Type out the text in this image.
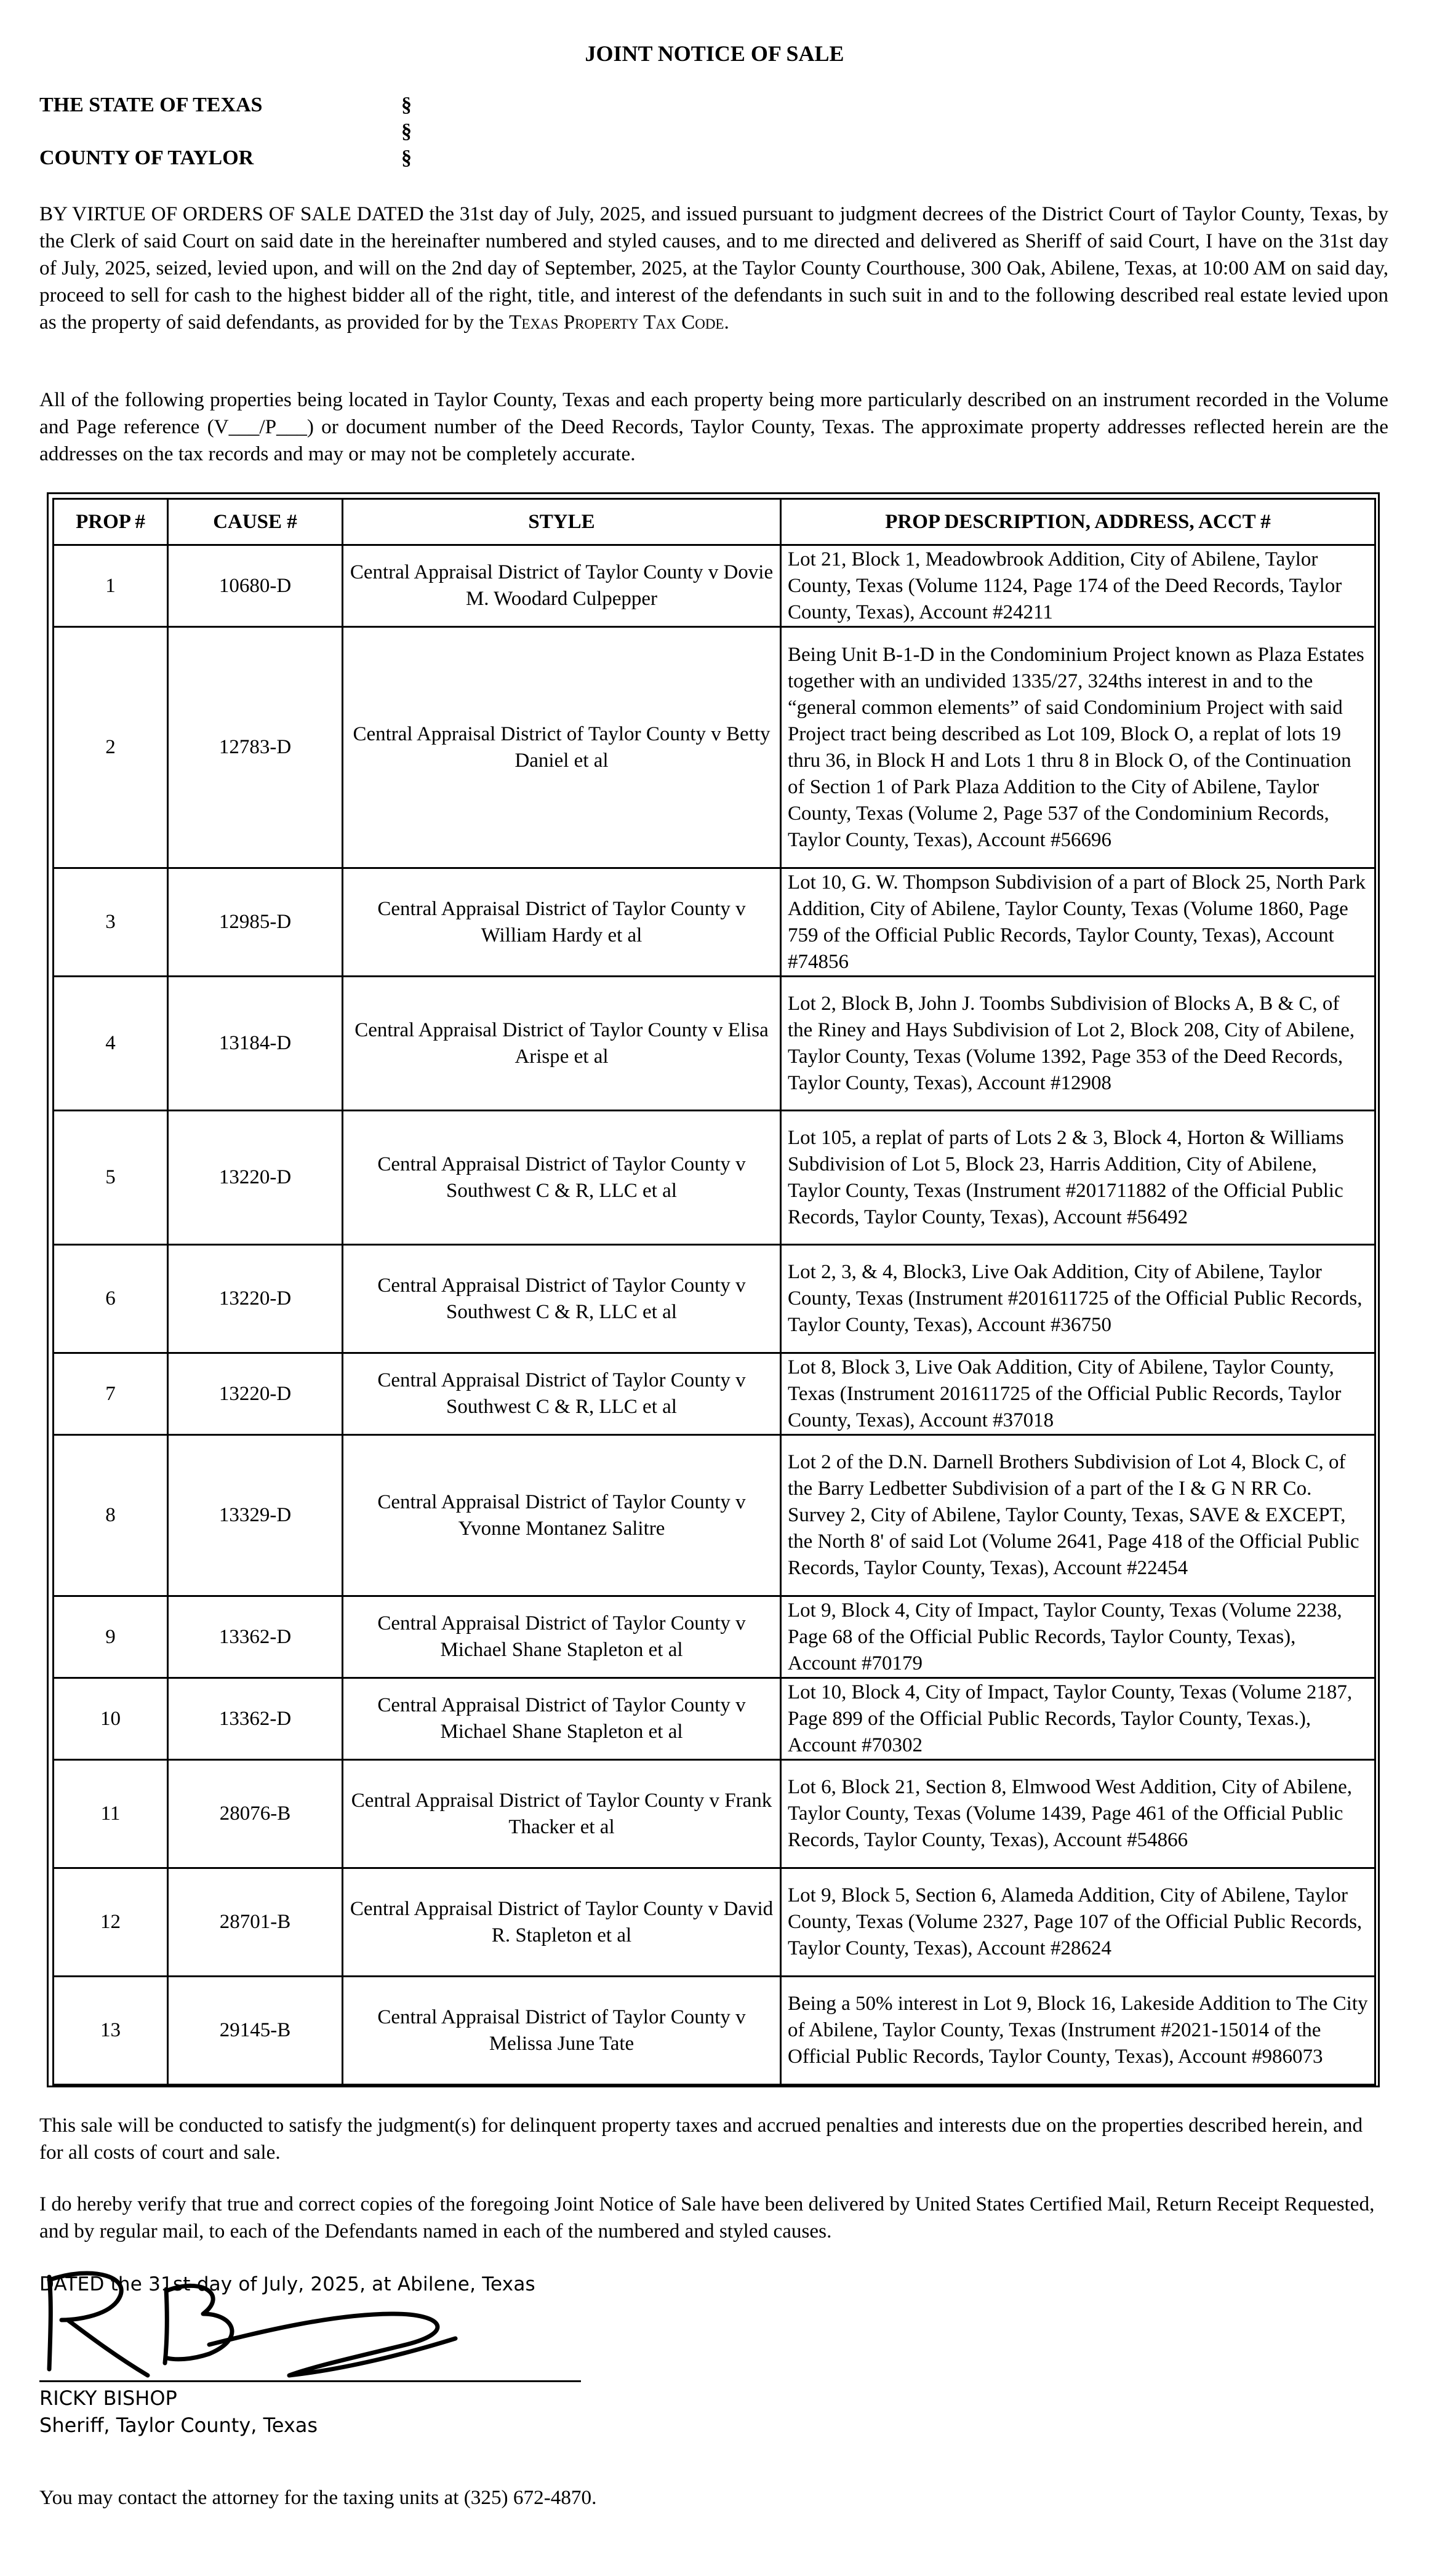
JOINT NOTICE OF SALE
THE STATE OF TEXAS	§
§
COUNTY OF TAYLOR	§
BY VIRTUE OF ORDERS OF SALE DATED the 31st day of July, 2025, and issued pursuant to judgment decrees of the District Court of Taylor County, Texas, by the Clerk of said Court on said date in the hereinafter numbered and styled causes, and to me directed and delivered as Sheriff of said Court, I have on the 31st day of July, 2025, seized, levied upon, and will on the 2nd day of September, 2025, at the Taylor County Courthouse, 300 Oak, Abilene, Texas, at 10:00 AM on said day, proceed to sell for cash to the highest bidder all of the right, title, and interest of the defendants in such suit in and to the following described real estate levied upon as the property of said defendants, as provided for by the Texas Property Tax Code.
All of the following properties being located in Taylor County, Texas and each property being more particularly described on an instrument recorded in the Volume and Page reference (V___/P___) or document number of the Deed Records, Taylor County, Texas. The approximate property addresses reflected herein are the addresses on the tax records and may or may not be completely accurate.
PROP #	CAUSE #	STYLE	PROP DESCRIPTION, ADDRESS, ACCT #
1	10680-D	Central Appraisal District of Taylor County v Dovie M. Woodard Culpepper	Lot 21, Block 1, Meadowbrook Addition, City of Abilene, Taylor County, Texas (Volume 1124, Page 174 of the Deed Records, Taylor County, Texas), Account #24211
2	12783-D	Central Appraisal District of Taylor County v Betty Daniel et al	Being Unit B-1-D in the Condominium Project known as Plaza Estates together with an undivided 1335/27, 324ths interest in and to the “general common elements” of said Condominium Project with said Project tract being described as Lot 109, Block O, a replat of lots 19 thru 36, in Block H and Lots 1 thru 8 in Block O, of the Continuation of Section 1 of Park Plaza Addition to the City of Abilene, Taylor County, Texas (Volume 2, Page 537 of the Condominium Records, Taylor County, Texas), Account #56696
3	12985-D	Central Appraisal District of Taylor County v William Hardy et al	Lot 10, G. W. Thompson Subdivision of a part of Block 25, North Park Addition, City of Abilene, Taylor County, Texas (Volume 1860, Page 759 of the Official Public Records, Taylor County, Texas), Account #74856
4	13184-D	Central Appraisal District of Taylor County v Elisa Arispe et al	Lot 2, Block B, John J. Toombs Subdivision of Blocks A, B & C, of the Riney and Hays Subdivision of Lot 2, Block 208, City of Abilene, Taylor County, Texas (Volume 1392, Page 353 of the Deed Records, Taylor County, Texas), Account #12908
5	13220-D	Central Appraisal District of Taylor County v Southwest C & R, LLC et al	Lot 105, a replat of parts of Lots 2 & 3, Block 4, Horton & Williams Subdivision of Lot 5, Block 23, Harris Addition, City of Abilene, Taylor County, Texas (Instrument #201711882 of the Official Public Records, Taylor County, Texas), Account #56492
6	13220-D	Central Appraisal District of Taylor County v Southwest C & R, LLC et al	Lot 2, 3, & 4, Block3, Live Oak Addition, City of Abilene, Taylor County, Texas (Instrument #201611725 of the Official Public Records, Taylor County, Texas), Account #36750
7	13220-D	Central Appraisal District of Taylor County v Southwest C & R, LLC et al	Lot 8, Block 3, Live Oak Addition, City of Abilene, Taylor County, Texas (Instrument 201611725 of the Official Public Records, Taylor County, Texas), Account #37018
8	13329-D	Central Appraisal District of Taylor County v Yvonne Montanez Salitre	Lot 2 of the D.N. Darnell Brothers Subdivision of Lot 4, Block C, of the Barry Ledbetter Subdivision of a part of the I & G N RR Co. Survey 2, City of Abilene, Taylor County, Texas, SAVE & EXCEPT, the North 8' of said Lot (Volume 2641, Page 418 of the Official Public Records, Taylor County, Texas), Account #22454
9	13362-D	Central Appraisal District of Taylor County v Michael Shane Stapleton et al	Lot 9, Block 4, City of Impact, Taylor County, Texas (Volume 2238, Page 68 of the Official Public Records, Taylor County, Texas), Account #70179
10	13362-D	Central Appraisal District of Taylor County v Michael Shane Stapleton et al	Lot 10, Block 4, City of Impact, Taylor County, Texas (Volume 2187, Page 899 of the Official Public Records, Taylor County, Texas.), Account #70302
11	28076-B	Central Appraisal District of Taylor County v Frank Thacker et al	Lot 6, Block 21, Section 8, Elmwood West Addition, City of Abilene, Taylor County, Texas (Volume 1439, Page 461 of the Official Public Records, Taylor County, Texas), Account #54866
12	28701-B	Central Appraisal District of Taylor County v David R. Stapleton et al	Lot 9, Block 5, Section 6, Alameda Addition, City of Abilene, Taylor County, Texas (Volume 2327, Page 107 of the Official Public Records, Taylor County, Texas), Account #28624
13	29145-B	Central Appraisal District of Taylor County v Melissa June Tate	Being a 50% interest in Lot 9, Block 16, Lakeside Addition to The City of Abilene, Taylor County, Texas (Instrument #2021-15014 of the Official Public Records, Taylor County, Texas), Account #986073
This sale will be conducted to satisfy the judgment(s) for delinquent property taxes and accrued penalties and interests due on the properties described herein, and for all costs of court and sale.
I do hereby verify that true and correct copies of the foregoing Joint Notice of Sale have been delivered by United States Certified Mail, Return Receipt Requested, and by regular mail, to each of the Defendants named in each of the numbered and styled causes.
DATED the 31st day of July, 2025, at Abilene, Texas
RICKY BISHOP
Sheriff, Taylor County, Texas
You may contact the attorney for the taxing units at (325) 672-4870.
